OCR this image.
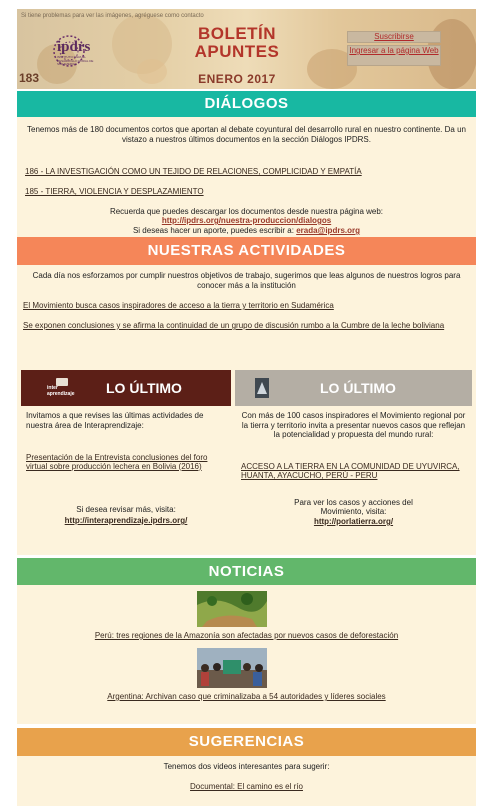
Si tiene problemas para ver las imágenes, agréguese como contacto
ipdrs
INSTITUTO PARA EL DESARROLLO RURAL DE SUDAMERICA
183
BOLETÍN
APUNTES
ENERO 2017
Suscribirse
Ingresar a la página Web
DIÁLOGOS

Tenemos más de 180 documentos cortos que aportan al debate coyuntural del desarrollo rural en nuestro continente. Da un vistazo a nuestros últimos documentos en la sección Diálogos IPDRS.

186 - LA INVESTIGACIÓN COMO UN TEJIDO DE RELACIONES, COMPLICIDAD Y EMPATÍA
185 - TIERRA, VIOLENCIA Y DESPLAZAMIENTO

Recuerda que puedes descargar los documentos desde nuestra página web:

http://ipdrs.org/nuestra-produccion/dialogos

Si deseas hacer un aporte, puedes escribir a: erada@ipdrs.org

NUESTRAS ACTIVIDADES

Cada día nos esforzamos por cumplir nuestros objetivos de trabajo, sugerimos que leas algunos de nuestros logros para conocer más a la institución

El Movimiento busca casos inspiradores de acceso a la tierra y territorio en Sudamérica
Se exponen conclusiones y se afirma la continuidad de un grupo de discusión rumbo a la Cumbre de la leche boliviana
inter aprendizaje	LO ÚLTIMO

Invitamos a que revises las últimas actividades de nuestra área de Interaprendizaje:

Presentación de la Entrevista conclusiones del foro virtual sobre producción lechera en Bolivia (2016)

Si desea revisar más, visita:

http://interaprendizaje.ipdrs.org/
LO ÚLTIMO

Con más de 100 casos inspiradores el Movimiento regional por la tierra y territorio invita a presentar nuevos casos que reflejan la potencialidad y propuesta del mundo rural:

ACCESO A LA TIERRA EN LA COMUNIDAD DE UYUVIRCA,
HUANTA, AYACUCHO, PERÚ - PERU

Para ver los casos y acciones del Movimiento, visita:

http://porlatierra.org/
NOTICIAS
Perú: tres regiones de la Amazonía son afectadas por nuevos casos de deforestación
Argentina: Archivan caso que criminalizaba a 54 autoridades y líderes sociales
SUGERENCIAS

Tenemos dos videos interesantes para sugerir:

Documental: El camino es el río
